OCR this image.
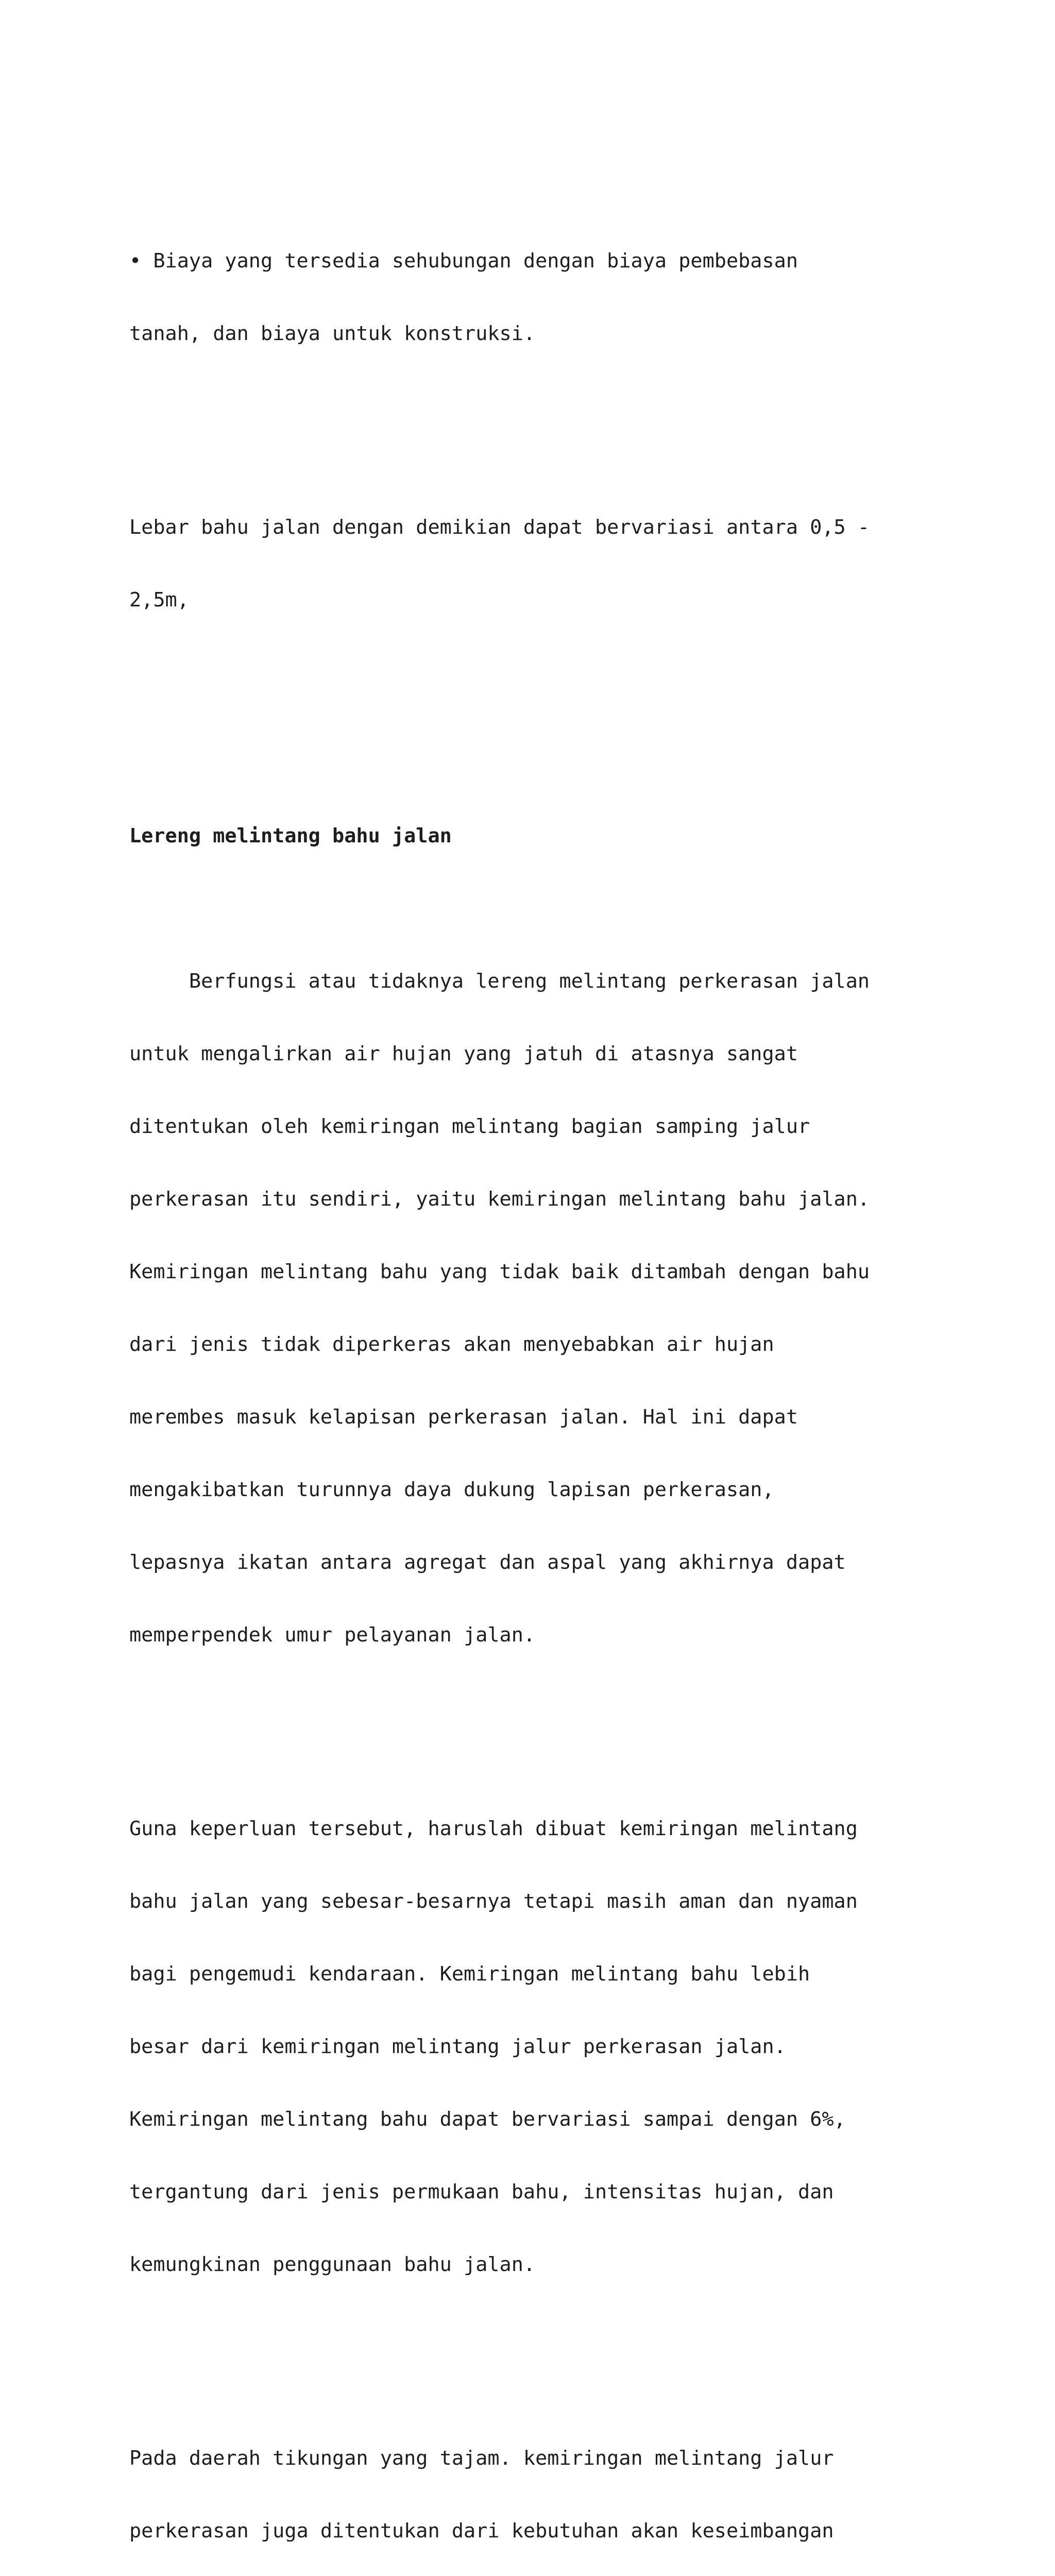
• Biaya yang tersedia sehubungan dengan biaya pembebasan

tanah, dan biaya untuk konstruksi.

Lebar bahu jalan dengan demikian dapat bervariasi antara 0,5 -

2,5m,

Lereng melintang bahu jalan

Berfungsi atau tidaknya lereng melintang perkerasan jalan

untuk mengalirkan air hujan yang jatuh di atasnya sangat

ditentukan oleh kemiringan melintang bagian samping jalur

perkerasan itu sendiri, yaitu kemiringan melintang bahu jalan.

Kemiringan melintang bahu yang tidak baik ditambah dengan bahu

dari jenis tidak diperkeras akan menyebabkan air hujan

merembes masuk kelapisan perkerasan jalan. Hal ini dapat

mengakibatkan turunnya daya dukung lapisan perkerasan,

lepasnya ikatan antara agregat dan aspal yang akhirnya dapat

memperpendek umur pelayanan jalan.

Guna keperluan tersebut, haruslah dibuat kemiringan melintang

bahu jalan yang sebesar-besarnya tetapi masih aman dan nyaman

bagi pengemudi kendaraan. Kemiringan melintang bahu lebih

besar dari kemiringan melintang jalur perkerasan jalan.

Kemiringan melintang bahu dapat bervariasi sampai dengan 6%,

tergantung dari jenis permukaan bahu, intensitas hujan, dan

kemungkinan penggunaan bahu jalan.

Pada daerah tikungan yang tajam. kemiringan melintang jalur

perkerasan juga ditentukan dari kebutuhan akan keseimbangan
